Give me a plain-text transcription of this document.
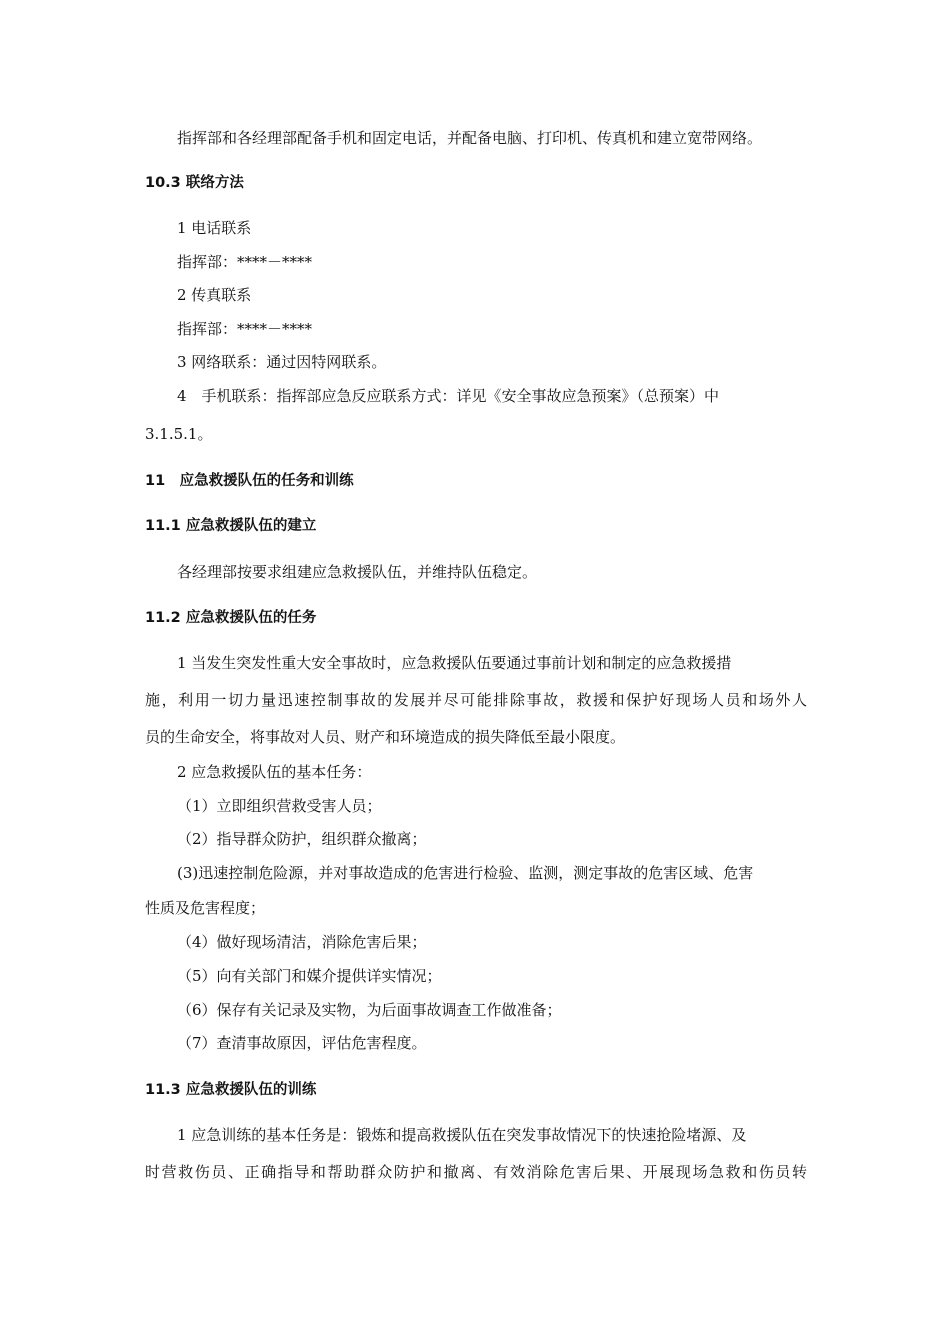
指挥部和各经理部配备手机和固定电话，并配备电脑、打印机、传真机和建立宽带网络。
10.3 联络方法
1 电话联系
指挥部：****－****
2 传真联系
指挥部：****－****
3 网络联系：通过因特网联系。
4　手机联系：指挥部应急反应联系方式：详见《安全事故应急预案》（总预案）中
3.1.5.1。
11　应急救援队伍的任务和训练
11.1 应急救援队伍的建立
各经理部按要求组建应急救援队伍，并维持队伍稳定。
11.2 应急救援队伍的任务
1 当发生突发性重大安全事故时，应急救援队伍要通过事前计划和制定的应急救援措
施，利用一切力量迅速控制事故的发展并尽可能排除事故，救援和保护好现场人员和场外人
员的生命安全，将事故对人员、财产和环境造成的损失降低至最小限度。
2 应急救援队伍的基本任务：
（1）立即组织营救受害人员；
（2）指导群众防护，组织群众撤离；
(3)迅速控制危险源，并对事故造成的危害进行检验、监测，测定事故的危害区域、危害
性质及危害程度；
（4）做好现场清洁，消除危害后果；
（5）向有关部门和媒介提供详实情况；
（6）保存有关记录及实物，为后面事故调查工作做准备；
（7）查清事故原因，评估危害程度。
11.3 应急救援队伍的训练
1 应急训练的基本任务是：锻炼和提高救援队伍在突发事故情况下的快速抢险堵源、及
时营救伤员、正确指导和帮助群众防护和撤离、有效消除危害后果、开展现场急救和伤员转
